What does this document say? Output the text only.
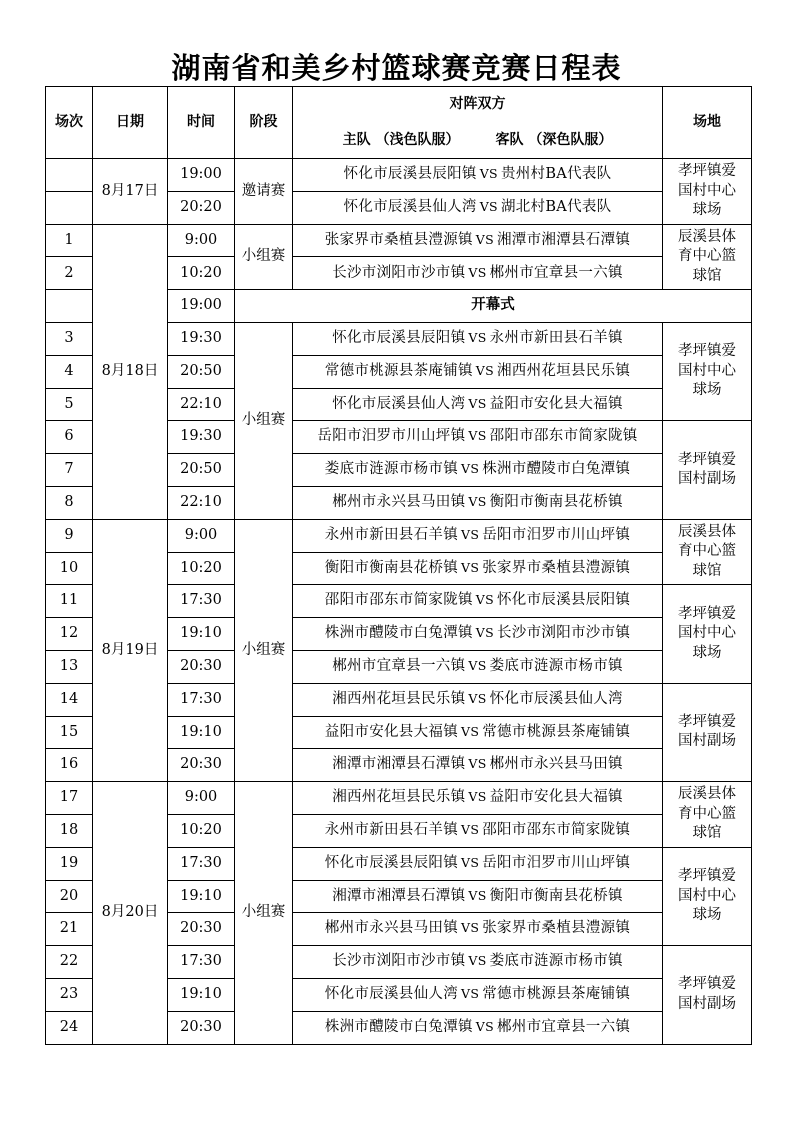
湖南省和美乡村篮球赛竞赛日程表
场次	日期	时间	阶段	对阵双方	场地
				主队 （浅色队服） 客队 （深色队服）	
	8月17日	19:00	邀请赛	怀化市辰溪县辰阳镇 VS 贵州村BA代表队	孝坪镇爱国村中心球场
		20:20		怀化市辰溪县仙人湾 VS 湖北村BA代表队	
1	8月18日	9:00	小组赛	张家界市桑植县澧源镇 VS 湘潭市湘潭县石潭镇	辰溪县体育中心篮球馆
2		10:20		长沙市浏阳市沙市镇 VS 郴州市宜章县一六镇	
		19:00	开幕式		
3		19:30	小组赛	怀化市辰溪县辰阳镇 VS 永州市新田县石羊镇	孝坪镇爱国村中心球场
4		20:50		常德市桃源县茶庵铺镇 VS 湘西州花垣县民乐镇	
5		22:10		怀化市辰溪县仙人湾 VS 益阳市安化县大福镇	
6		19:30		岳阳市汨罗市川山坪镇 VS 邵阳市邵东市简家陇镇	孝坪镇爱国村副场
7		20:50		娄底市涟源市杨市镇 VS 株洲市醴陵市白兔潭镇	
8		22:10		郴州市永兴县马田镇 VS 衡阳市衡南县花桥镇	
9	8月19日	9:00	小组赛	永州市新田县石羊镇 VS 岳阳市汨罗市川山坪镇	辰溪县体育中心篮球馆
10		10:20		衡阳市衡南县花桥镇 VS 张家界市桑植县澧源镇	
11		17:30		邵阳市邵东市简家陇镇 VS 怀化市辰溪县辰阳镇	孝坪镇爱国村中心球场
12		19:10		株洲市醴陵市白兔潭镇 VS 长沙市浏阳市沙市镇	
13		20:30		郴州市宜章县一六镇 VS 娄底市涟源市杨市镇	
14		17:30		湘西州花垣县民乐镇 VS 怀化市辰溪县仙人湾	孝坪镇爱国村副场
15		19:10		益阳市安化县大福镇 VS 常德市桃源县茶庵铺镇	
16		20:30		湘潭市湘潭县石潭镇 VS 郴州市永兴县马田镇	
17	8月20日	9:00	小组赛	湘西州花垣县民乐镇 VS 益阳市安化县大福镇	辰溪县体育中心篮球馆
18		10:20		永州市新田县石羊镇 VS 邵阳市邵东市简家陇镇	
19		17:30		怀化市辰溪县辰阳镇 VS 岳阳市汨罗市川山坪镇	孝坪镇爱国村中心球场
20		19:10		湘潭市湘潭县石潭镇 VS 衡阳市衡南县花桥镇	
21		20:30		郴州市永兴县马田镇 VS 张家界市桑植县澧源镇	
22		17:30		长沙市浏阳市沙市镇 VS 娄底市涟源市杨市镇	孝坪镇爱国村副场
23		19:10		怀化市辰溪县仙人湾 VS 常德市桃源县茶庵铺镇	
24		20:30		株洲市醴陵市白兔潭镇 VS 郴州市宜章县一六镇	
